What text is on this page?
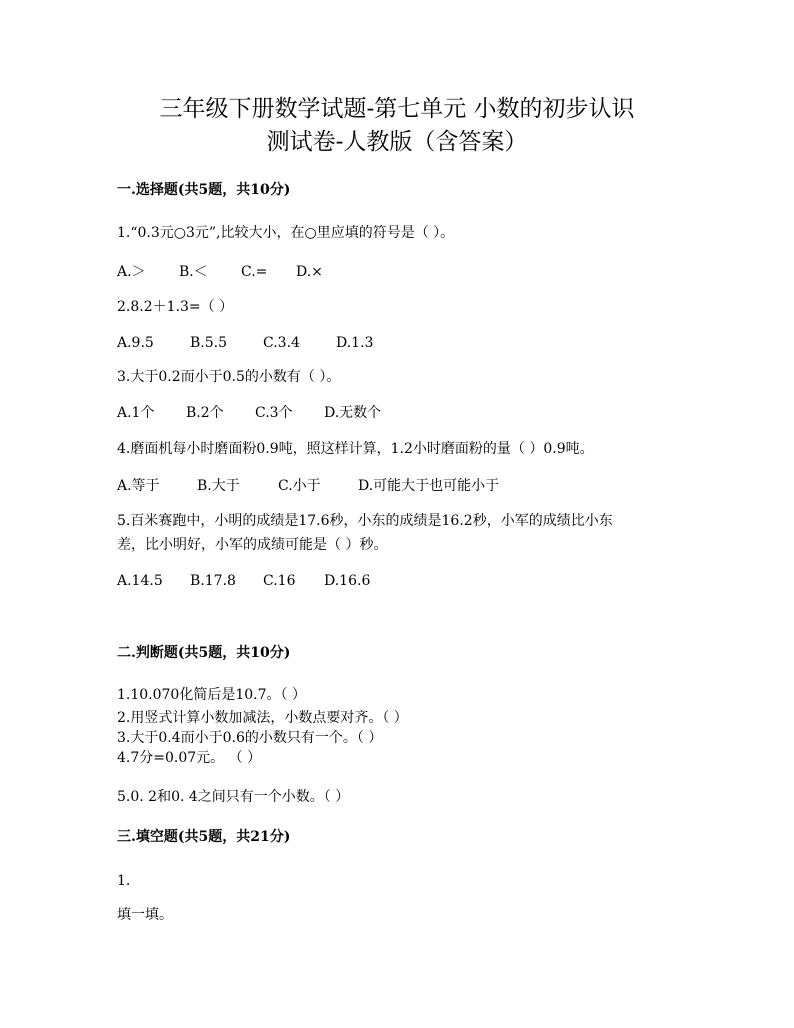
三年级下册数学试题-第七单元 小数的初步认识
测试卷-人教版（含答案）
一.选择题(共5题，共10分)
1.“0.3元○3元”,比较大小，在○里应填的符号是（ ）。
A.＞ B.＜ C.= D.×
2.8.2＋1.3=（ ）
A.9.5	B.5.5	C.3.4	D.1.3
3.大于0.2而小于0.5的小数有（ ）。
A.1个 B.2个 C.3个 D.无数个
4.磨面机每小时磨面粉0.9吨，照这样计算，1.2小时磨面粉的量（ ）0.9吨。
A.等于	B.大于	C.小于	D.可能大于也可能小于
5.百米赛跑中，小明的成绩是17.6秒，小东的成绩是16.2秒，小军的成绩比小东
差，比小明好，小军的成绩可能是（ ）秒。
A.14.5 B.17.8 C.16 D.16.6
二.判断题(共5题，共10分)
1.10.070化简后是10.7。（ ）
2.用竖式计算小数加减法，小数点要对齐。（ ）
3.大于0.4而小于0.6的小数只有一个。（ ）
4.7分=0.07元。 （ ）
5.0. 2和0. 4之间只有一个小数。（ ）
三.填空题(共5题，共21分)
1.
填一填。
